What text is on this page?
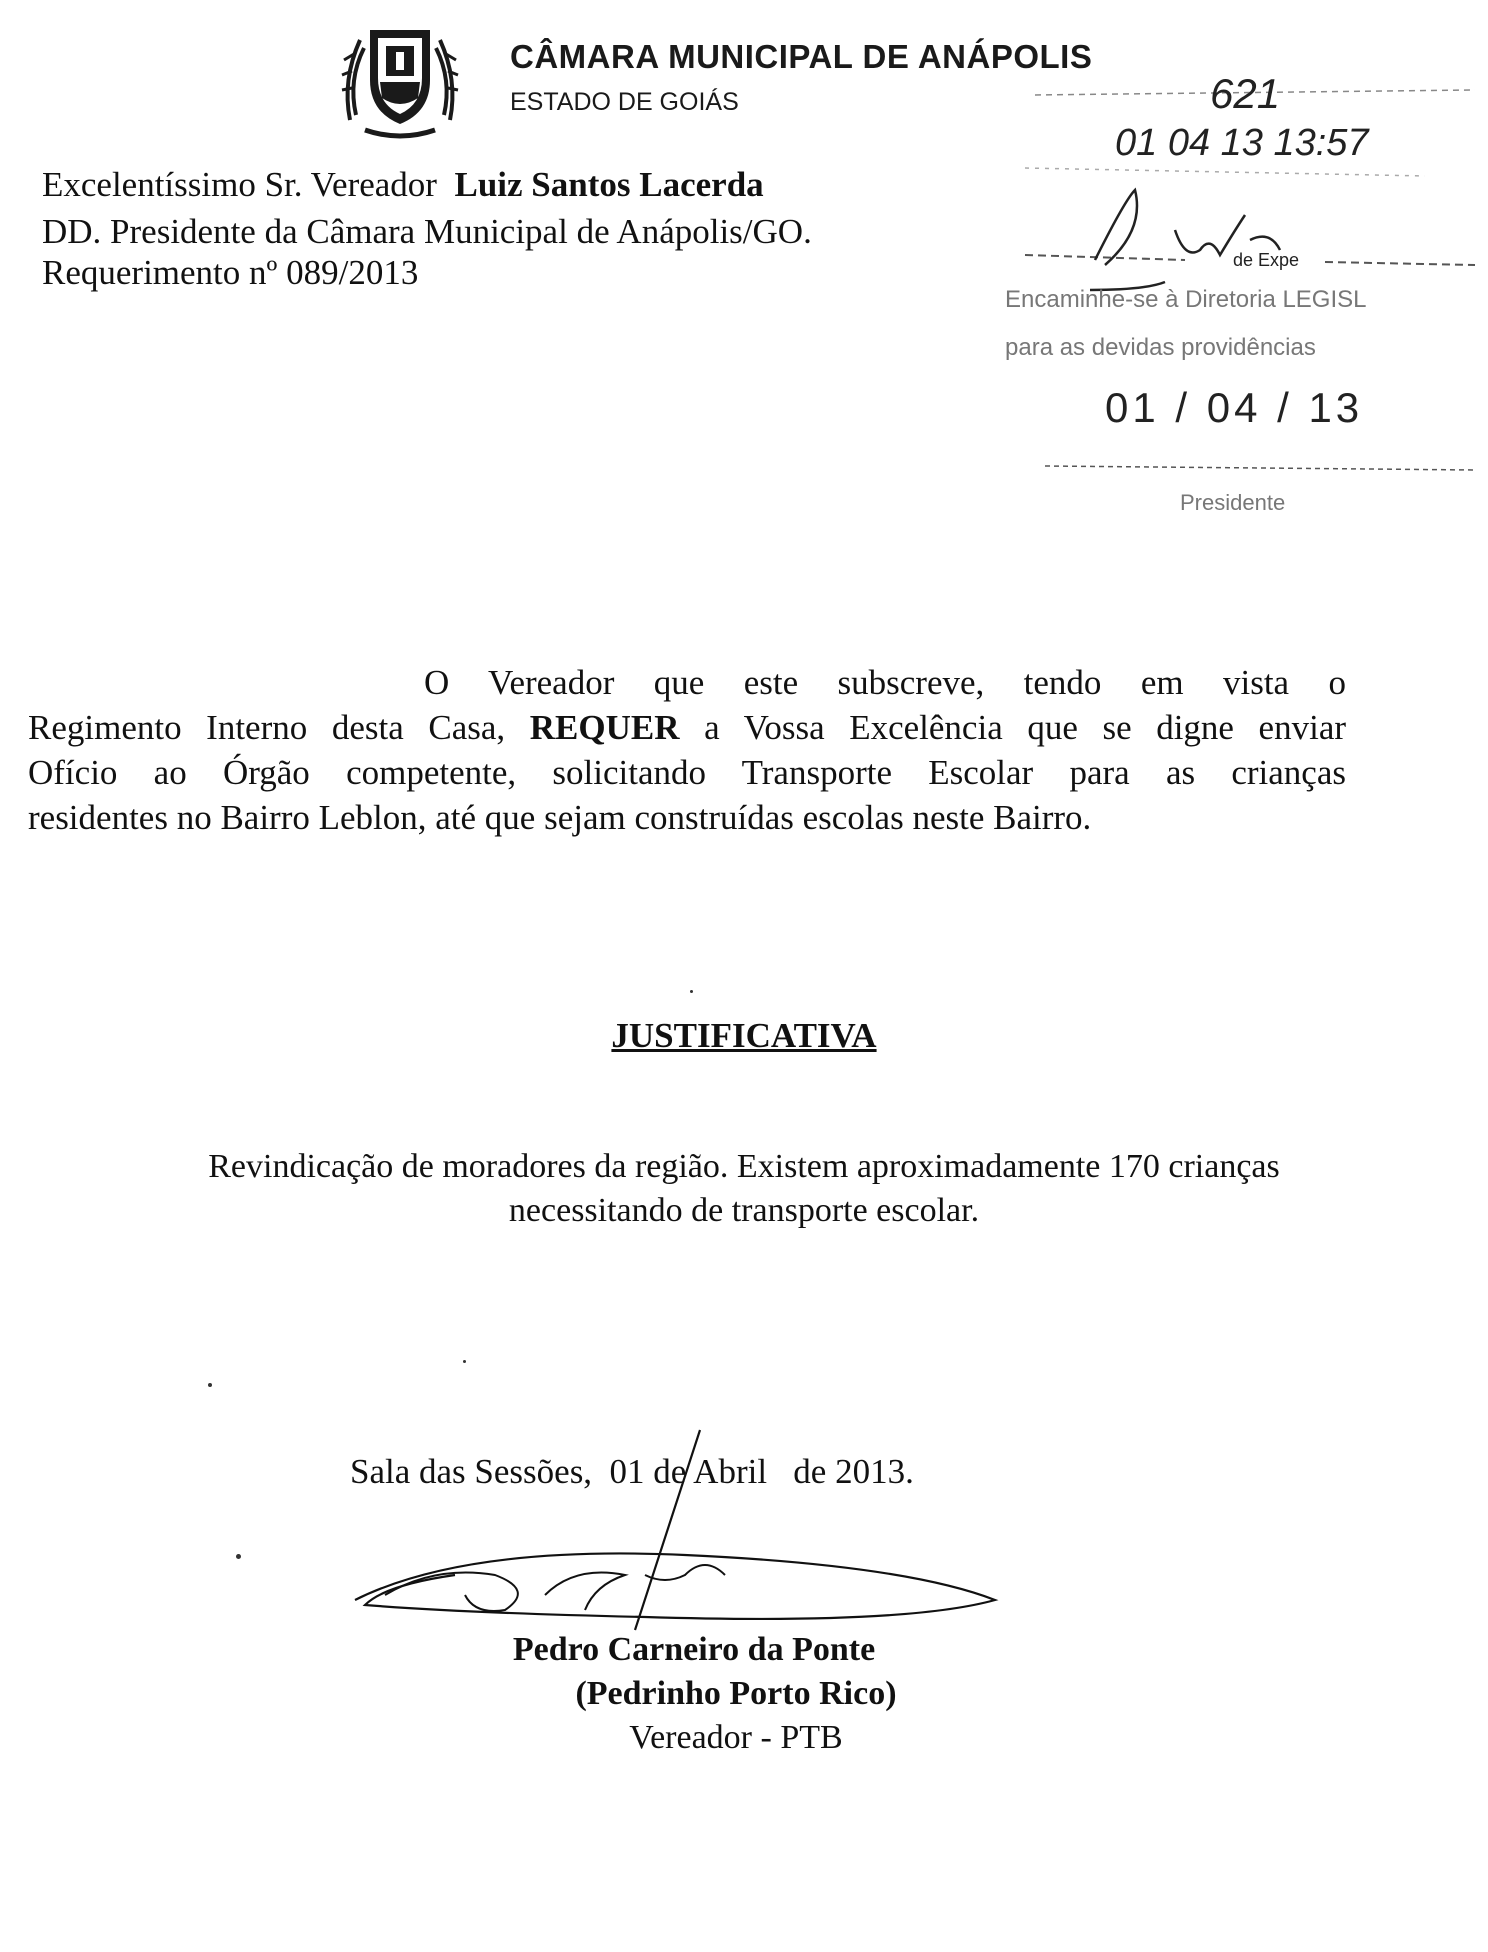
CÂMARA MUNICIPAL DE ANÁPOLIS
ESTADO DE GOIÁS
Excelentíssimo Sr. Vereador Luiz Santos Lacerda
DD. Presidente da Câmara Municipal de Anápolis/GO.
Requerimento nº 089/2013
621
01 04 13 13:57
de Expe
Encaminhe-se à Diretoria LEGISL
para as devidas providências
01 / 04 / 13
Presidente
O Vereador que este subscreve, tendo em vista o
Regimento Interno desta Casa, REQUER a Vossa Excelência que se digne enviar
Ofício ao Órgão competente, solicitando Transporte Escolar para as crianças
residentes no Bairro Leblon, até que sejam construídas escolas neste Bairro.
JUSTIFICATIVA
Revindicação de moradores da região. Existem aproximadamente 170 crianças
necessitando de transporte escolar.
Sala das Sessões,  01 de Abril   de 2013.
Pedro Carneiro da Ponte
(Pedrinho Porto Rico)
Vereador - PTB
